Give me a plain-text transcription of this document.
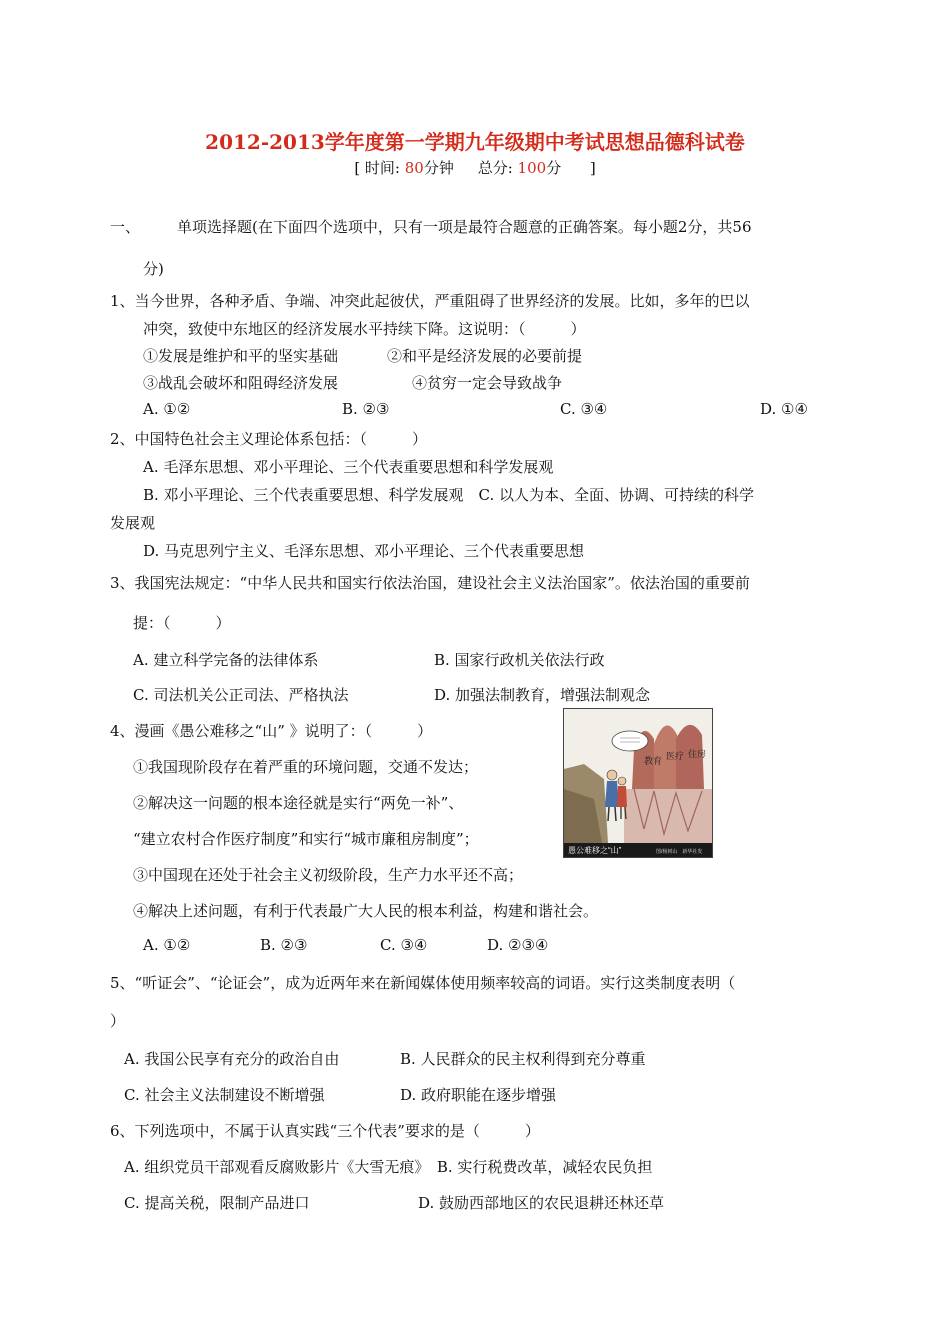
2012-2013学年度第一学期九年级期中考试思想品德科试卷
[ 时间: 80分钟 总分: 100分 ]
一、 单项选择题(在下面四个选项中，只有一项是最符合题意的正确答案。每小题2分，共56
分)
1、当今世界，各种矛盾、争端、冲突此起彼伏，严重阻碍了世界经济的发展。比如，多年的巴以
冲突，致使中东地区的经济发展水平持续下降。这说明：（　　　）
①发展是维护和平的坚实基础	②和平是经济发展的必要前提
③战乱会破坏和阻碍经济发展	④贫穷一定会导致战争
A. ①②	B. ②③	C. ③④	D. ①④
2、中国特色社会主义理论体系包括：（　　　）
A. 毛泽东思想、邓小平理论、三个代表重要思想和科学发展观
B. 邓小平理论、三个代表重要思想、科学发展观　C. 以人为本、全面、协调、可持续的科学
发展观
D. 马克思列宁主义、毛泽东思想、邓小平理论、三个代表重要思想
3、我国宪法规定：“中华人民共和国实行依法治国，建设社会主义法治国家”。依法治国的重要前
提：（　　　）
A. 建立科学完备的法律体系	B. 国家行政机关依法行政
C. 司法机关公正司法、严格执法	D. 加强法制教育，增强法制观念
4、漫画《愚公难移之“山” 》说明了：（　　　）
①我国现阶段存在着严重的环境问题，交通不发达；
②解决这一问题的根本途径就是实行“两免一补”、
“建立农村合作医疗制度”和实行“城市廉租房制度”；
③中国现在还处于社会主义初级阶段，生产力水平还不高；
④解决上述问题，有利于代表最广大人民的根本利益，构建和谐社会。
A. ①②	B. ②③	C. ③④	D. ②③④
教育 医疗 住房
愚公难移之“山”	图/杨树山　新华社发
5、“听证会”、“论证会”，成为近两年来在新闻媒体使用频率较高的词语。实行这类制度表明（
）
A. 我国公民享有充分的政治自由	B. 人民群众的民主权利得到充分尊重
C. 社会主义法制建设不断增强	D. 政府职能在逐步增强
6、下列选项中，不属于认真实践“三个代表”要求的是（　　　）
A. 组织党员干部观看反腐败影片《大雪无痕》　B. 实行税费改革，减轻农民负担
C. 提高关税，限制产品进口	D. 鼓励西部地区的农民退耕还林还草
